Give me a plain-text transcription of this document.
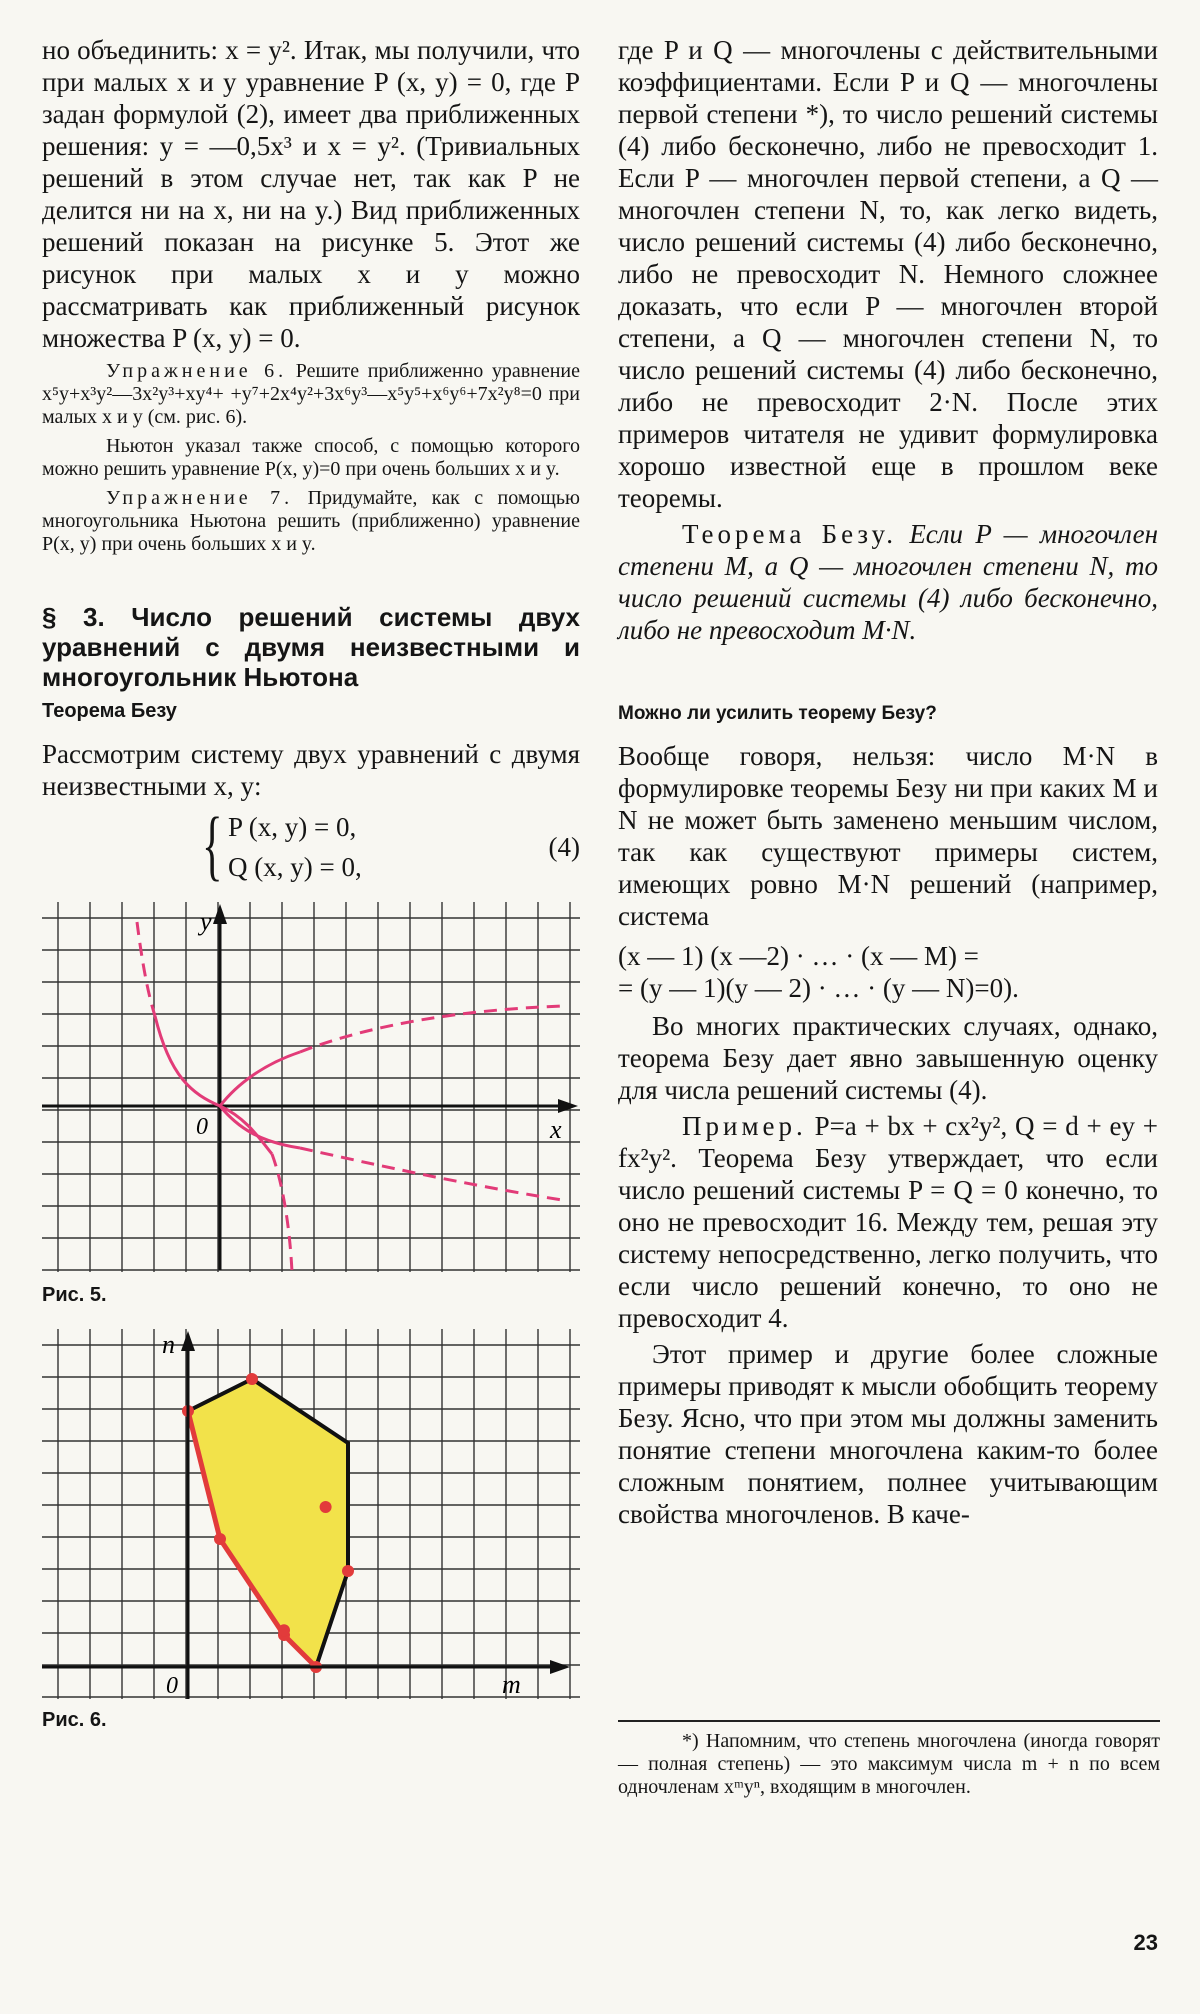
но объединить: x = y². Итак, мы получили, что при малых x и y уравнение P (x, y) = 0, где P задан формулой (2), имеет два приближенных решения: y = —0,5x³ и x = y². (Тривиальных решений в этом случае нет, так как P не делится ни на x, ни на y.) Вид приближенных решений показан на рисунке 5. Этот же рисунок при малых x и y можно рассматривать как приближенный рисунок множества P (x, y) = 0.

Упражнение 6. Решите приближенно уравнение x⁵y+x³y²—3x²y³+xy⁴+ +y⁷+2x⁴y²+3x⁶y³—x⁵y⁵+x⁶y⁶+7x²y⁸=0 при малых x и y (см. рис. 6).

Ньютон указал также способ, с помощью которого можно решить уравнение P(x, y)=0 при очень больших x и y.

Упражнение 7. Придумайте, как с помощью многоугольника Ньютона решить (приближенно) уравнение P(x, y) при очень больших x и y.

§ 3. Число решений системы двух уравнений с двумя неизвестными и многоугольник Ньютона
Теорема Безу

Рассмотрим систему двух уравнений с двумя неизвестными x, y:

{ P (x, y) = 0,
Q (x, y) = 0,
(4)
y
x
0
Рис. 5.
n
m
0
Рис. 6.

где P и Q — многочлены с действительными коэффициентами. Если P и Q — многочлены первой степени *), то число решений системы (4) либо бесконечно, либо не превосходит 1. Если P — многочлен первой степени, а Q — многочлен степени N, то, как легко видеть, число решений системы (4) либо бесконечно, либо не превосходит N. Немного сложнее доказать, что если P — многочлен второй степени, а Q — многочлен степени N, то число решений системы (4) либо бесконечно, либо не превосходит 2·N. После этих примеров читателя не удивит формулировка хорошо известной еще в прошлом веке теоремы.

Теорема Безу. Если P — многочлен степени M, а Q — многочлен степени N, то число решений системы (4) либо бесконечно, либо не превосходит M·N.

Можно ли усилить теорему Безу?

Вообще говоря, нельзя: число M·N в формулировке теоремы Безу ни при каких M и N не может быть заменено меньшим числом, так как существуют примеры систем, имеющих ровно M·N решений (например, система

(x — 1) (x —2) · … · (x — M) =

= (y — 1)(y — 2) · … · (y — N)=0).

Во многих практических случаях, однако, теорема Безу дает явно завышенную оценку для числа решений системы (4).

Пример. P=a + bx + cx²y², Q = d + ey + fx²y². Теорема Безу утверждает, что если число решений системы P = Q = 0 конечно, то оно не превосходит 16. Между тем, решая эту систему непосредственно, легко получить, что если число решений конечно, то оно не превосходит 4.

Этот пример и другие более сложные примеры приводят к мысли обобщить теорему Безу. Ясно, что при этом мы должны заменить понятие степени многочлена каким-то более сложным понятием, полнее учитывающим свойства многочленов. В каче-

*) Напомним, что степень многочлена (иногда говорят — полная степень) — это максимум числа m + n по всем одночленам xᵐyⁿ, входящим в многочлен.

23
